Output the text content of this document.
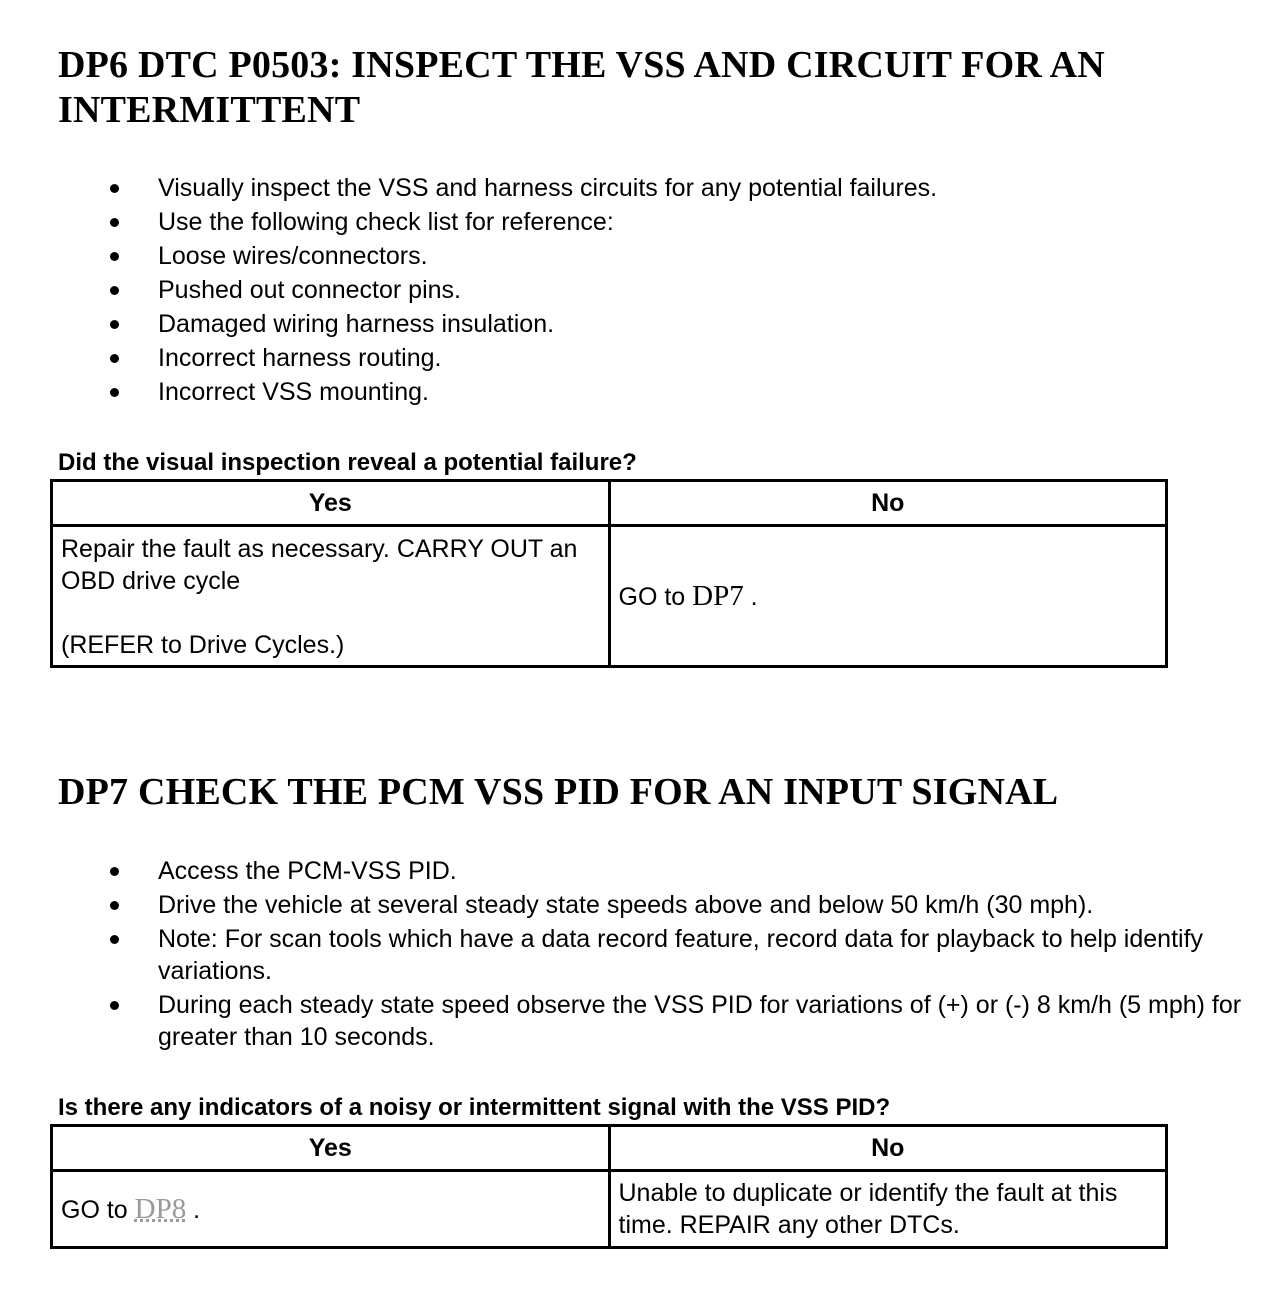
DP6 DTC P0503: INSPECT THE VSS AND CIRCUIT FOR AN INTERMITTENT
Visually inspect the VSS and harness circuits for any potential failures.
Use the following check list for reference:
Loose wires/connectors.
Pushed out connector pins.
Damaged wiring harness insulation.
Incorrect harness routing.
Incorrect VSS mounting.

Did the visual inspection reveal a potential failure?

Yes	No
Repair the fault as necessary. CARRY OUT an OBD drive cycle
(REFER to Drive Cycles.)	GO to DP7 .
DP7 CHECK THE PCM VSS PID FOR AN INPUT SIGNAL
Access the PCM-VSS PID.
Drive the vehicle at several steady state speeds above and below 50 km/h (30 mph).
Note: For scan tools which have a data record feature, record data for playback to help identify variations.
During each steady state speed observe the VSS PID for variations of (+) or (-) 8 km/h (5 mph) for greater than 10 seconds.

Is there any indicators of a noisy or intermittent signal with the VSS PID?

Yes	No
GO to DP8 .	Unable to duplicate or identify the fault at this time. REPAIR any other DTCs.
